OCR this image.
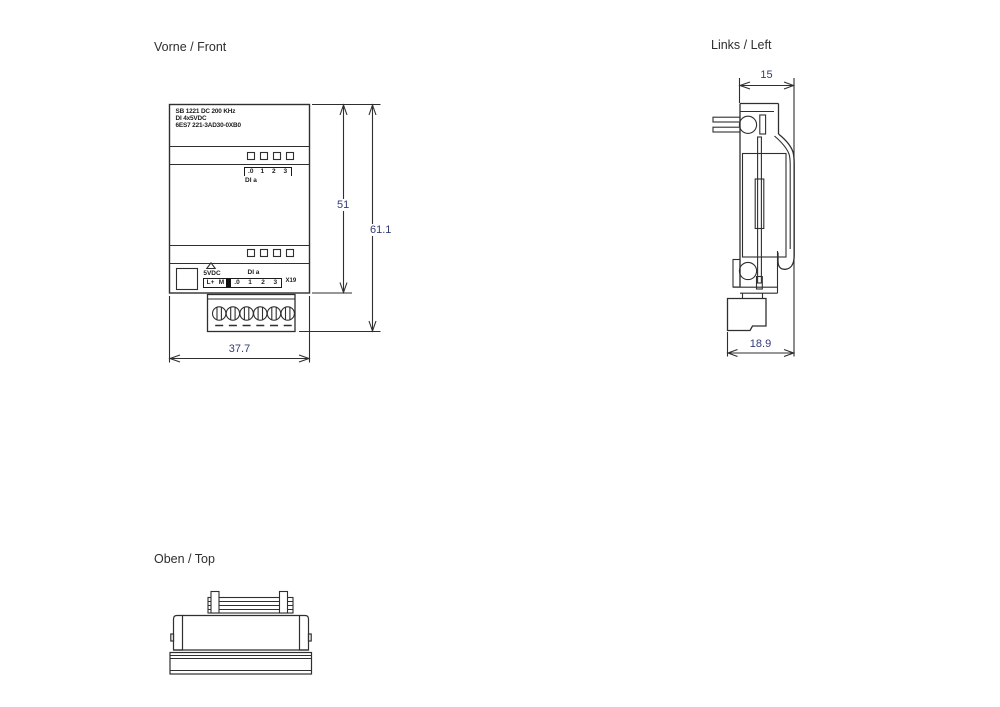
Vorne / Front	Links / Left
Oben / Top
SB 1221 DC 200 KHz
DI 4x5VDC
6ES7 221-3AD30-0XB0
.0	1	2	3
DI a
5VDC	DI a
L+ M	.0	1	2	3	X19
37.7
51
61.1
15
18.9
